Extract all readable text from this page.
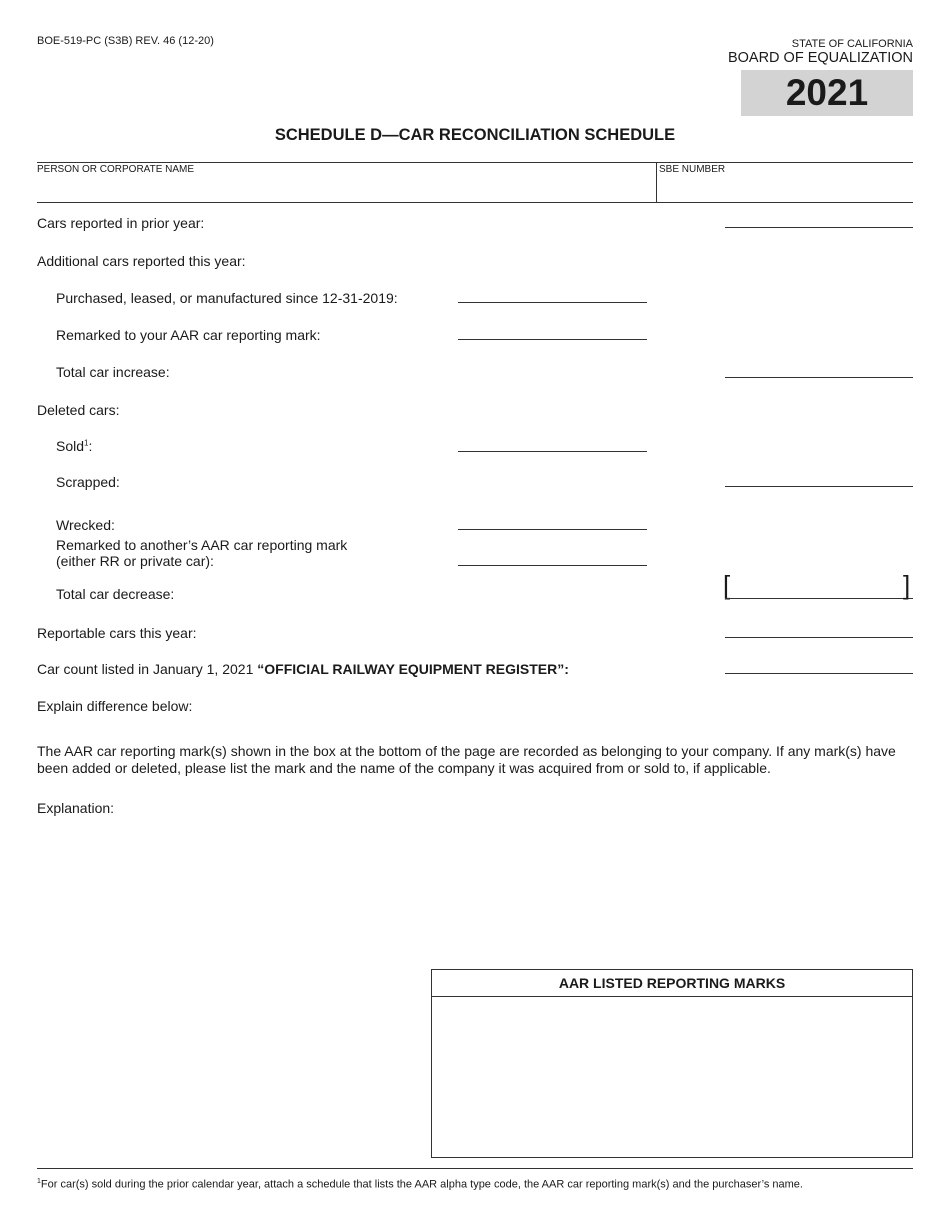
BOE-519-PC (S3B) REV. 46 (12-20)	STATE OF CALIFORNIA
BOARD OF EQUALIZATION
2021
SCHEDULE D—CAR RECONCILIATION SCHEDULE
PERSON OR CORPORATE NAME	SBE NUMBER
Cars reported in prior year:
Additional cars reported this year:
Purchased, leased, or manufactured since 12-31-2019:
Remarked to your AAR car reporting mark:
Total car increase:
Deleted cars:
Sold$^1$:
Scrapped:
Wrecked:
Remarked to another’s AAR car reporting mark
(either RR or private car):
Total car decrease:	[	]
Reportable cars this year:
Car count listed in January 1, 2021 “OFFICIAL RAILWAY EQUIPMENT REGISTER”:
Explain difference below:
The AAR car reporting mark(s) shown in the box at the bottom of the page are recorded as belonging to your company. If any mark(s) have been added or deleted, please list the mark and the name of the company it was acquired from or sold to, if applicable.
Explanation:
AAR LISTED REPORTING MARKS
$^1$For car(s) sold during the prior calendar year, attach a schedule that lists the AAR alpha type code, the AAR car reporting mark(s) and the purchaser’s name.
